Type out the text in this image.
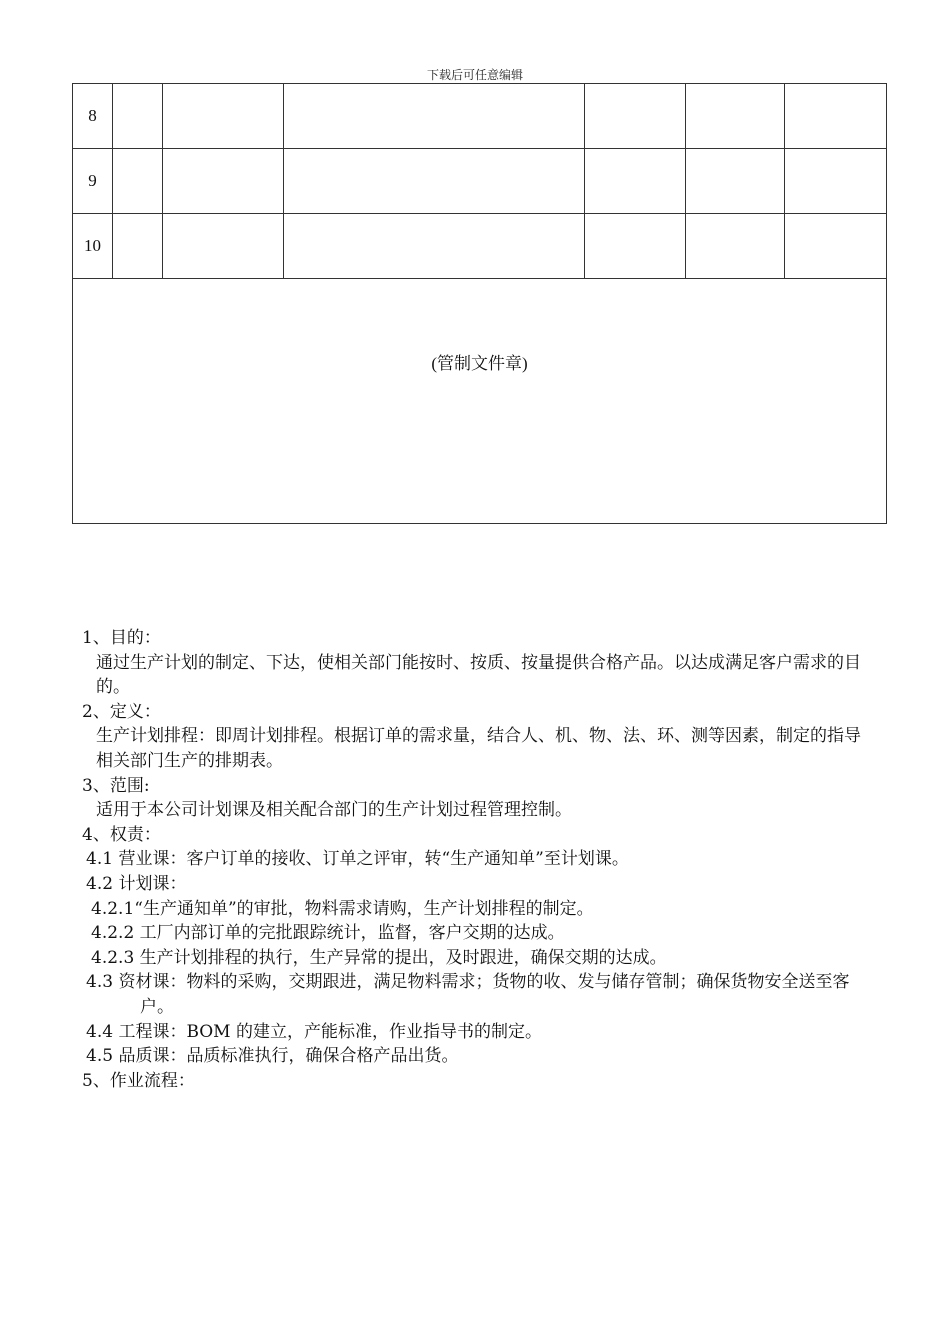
下载后可任意编辑
8						
9						
10						

(管制文件章)						

1、目的：

通过生产计划的制定、下达，使相关部门能按时、按质、按量提供合格产品。以达成满足客户需求的目的。

2、定义：

生产计划排程：即周计划排程。根据订单的需求量，结合人、机、物、法、环、测等因素，制定的指导相关部门生产的排期表。

3、范围:

适用于本公司计划课及相关配合部门的生产计划过程管理控制。

4、权责：

4.1 营业课：客户订单的接收、订单之评审，转“生产通知单”至计划课。

4.2 计划课：

4.2.1“生产通知单”的审批，物料需求请购，生产计划排程的制定。

4.2.2 工厂内部订单的完批跟踪统计，监督，客户交期的达成。

4.2.3 生产计划排程的执行，生产异常的提出，及时跟进，确保交期的达成。

4.3 资材课：物料的采购，交期跟进，满足物料需求；货物的收、发与储存管制；确保货物安全送至客户。

4.4 工程课：BOM 的建立，产能标准，作业指导书的制定。

4.5 品质课：品质标准执行，确保合格产品出货。

5、作业流程：
